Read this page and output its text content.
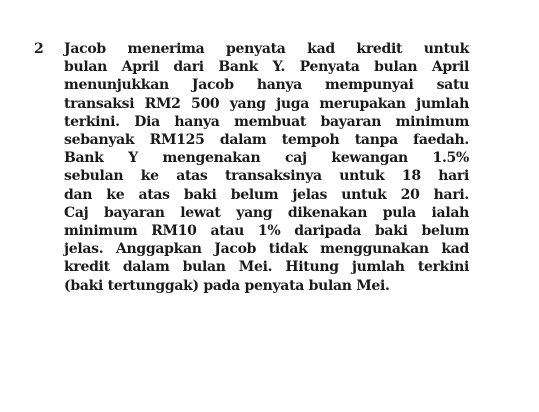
2 Jacob menerima penyata kad kredit untuk
bulan April dari Bank Y. Penyata bulan April
menunjukkan Jacob hanya mempunyai satu
transaksi RM2 500 yang juga merupakan jumlah
terkini. Dia hanya membuat bayaran minimum
sebanyak RM125 dalam tempoh tanpa faedah.
Bank Y mengenakan caj kewangan 1.5%
sebulan ke atas transaksinya untuk 18 hari
dan ke atas baki belum jelas untuk 20 hari.
Caj bayaran lewat yang dikenakan pula ialah
minimum RM10 atau 1% daripada baki belum
jelas. Anggapkan Jacob tidak menggunakan kad
kredit dalam bulan Mei. Hitung jumlah terkini
(baki tertunggak) pada penyata bulan Mei.
